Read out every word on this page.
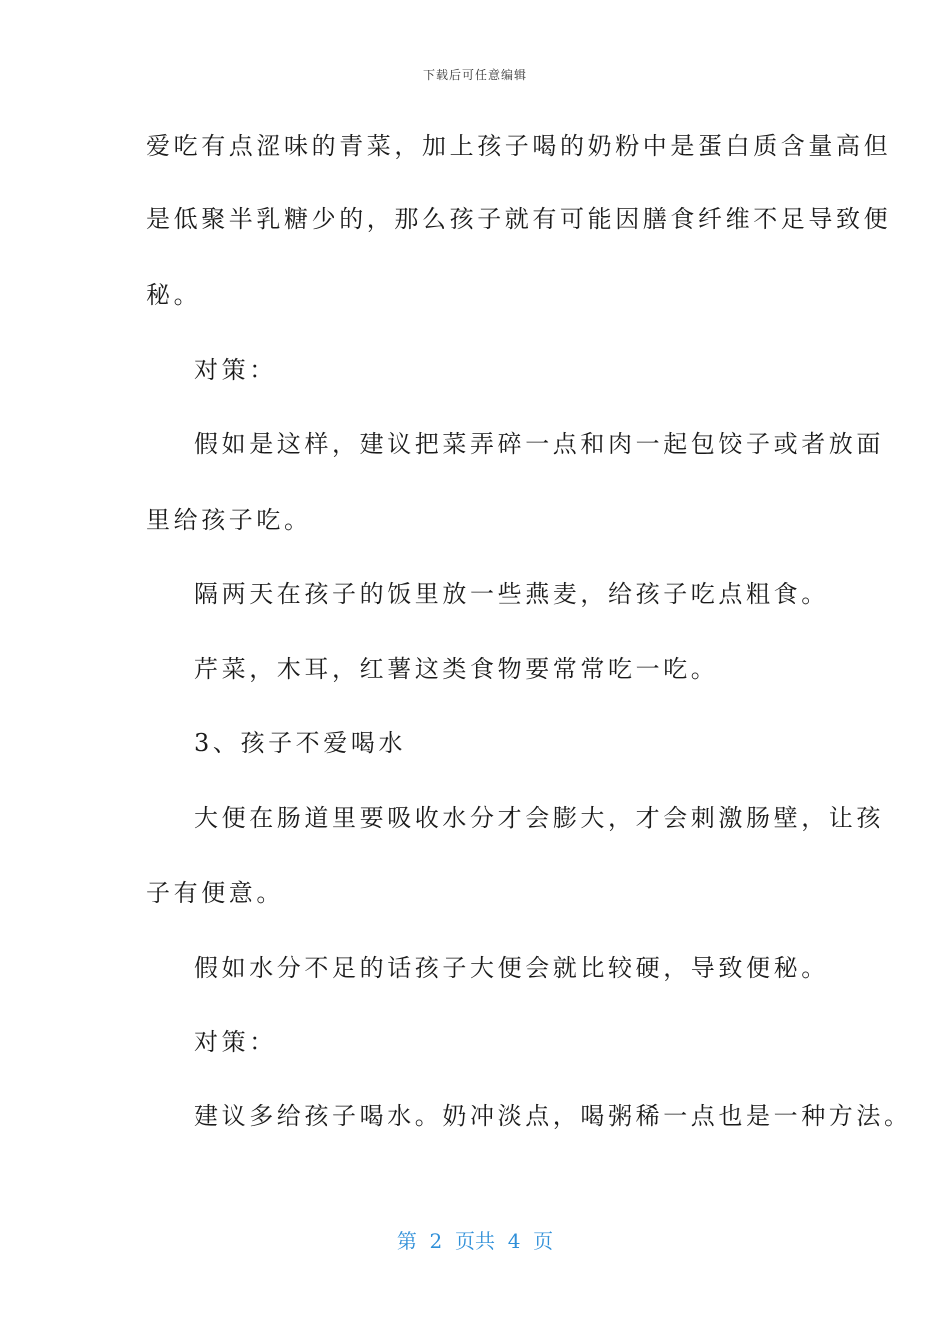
下载后可任意编辑
爱吃有点涩味的青菜，加上孩子喝的奶粉中是蛋白质含量高但
是低聚半乳糖少的，那么孩子就有可能因膳食纤维不足导致便
秘。
对策：
假如是这样，建议把菜弄碎一点和肉一起包饺子或者放面
里给孩子吃。
隔两天在孩子的饭里放一些燕麦，给孩子吃点粗食。
芹菜，木耳，红薯这类食物要常常吃一吃。
3、孩子不爱喝水
大便在肠道里要吸收水分才会膨大，才会刺激肠壁，让孩
子有便意。
假如水分不足的话孩子大便会就比较硬，导致便秘。
对策：
建议多给孩子喝水。奶冲淡点，喝粥稀一点也是一种方法。
第  2  页共  4  页
